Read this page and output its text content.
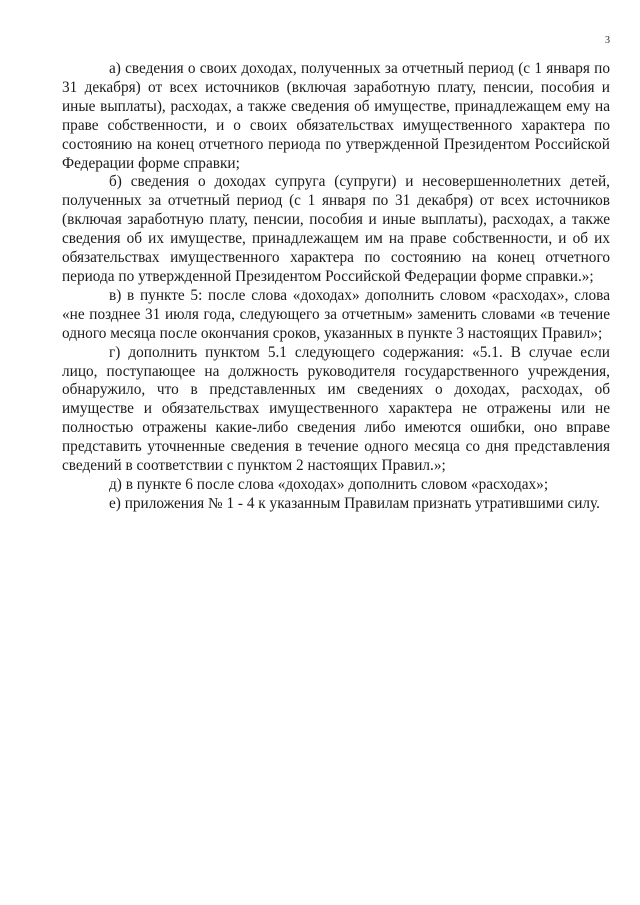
3

а) сведения о своих доходах, полученных за отчетный период (с 1 января по 31 декабря) от всех источников (включая заработную плату, пенсии, пособия и иные выплаты), расходах, а также сведения об имуществе, принадлежащем ему на праве собственности, и о своих обязательствах имущественного характера по состоянию на конец отчетного периода по утвержденной Президентом Российской Федерации форме справки;

б) сведения о доходах супруга (супруги) и несовершеннолетних детей, полученных за отчетный период (с 1 января по 31 декабря) от всех источников (включая заработную плату, пенсии, пособия и иные выплаты), расходах, а также сведения об их имуществе, принадлежащем им на праве собственности, и об их обязательствах имущественного характера по состоянию на конец отчетного периода по утвержденной Президентом Российской Федерации форме справки.»;

в) в пункте 5: после слова «доходах» дополнить словом «расходах», слова «не позднее 31 июля года, следующего за отчетным» заменить словами «в течение одного месяца после окончания сроков, указанных в пункте 3 настоящих Правил»;

г) дополнить пунктом 5.1 следующего содержания: «5.1. В случае если лицо, поступающее на должность руководителя государственного учреждения, обнаружило, что в представленных им сведениях о доходах, расходах, об имуществе и обязательствах имущественного характера не отражены или не полностью отражены какие-либо сведения либо имеются ошибки, оно вправе представить уточненные сведения в течение одного месяца со дня представления сведений в соответствии с пунктом 2 настоящих Правил.»;

д) в пункте 6 после слова «доходах» дополнить словом «расходах»;

е) приложения № 1 - 4 к указанным Правилам признать утратившими силу.
